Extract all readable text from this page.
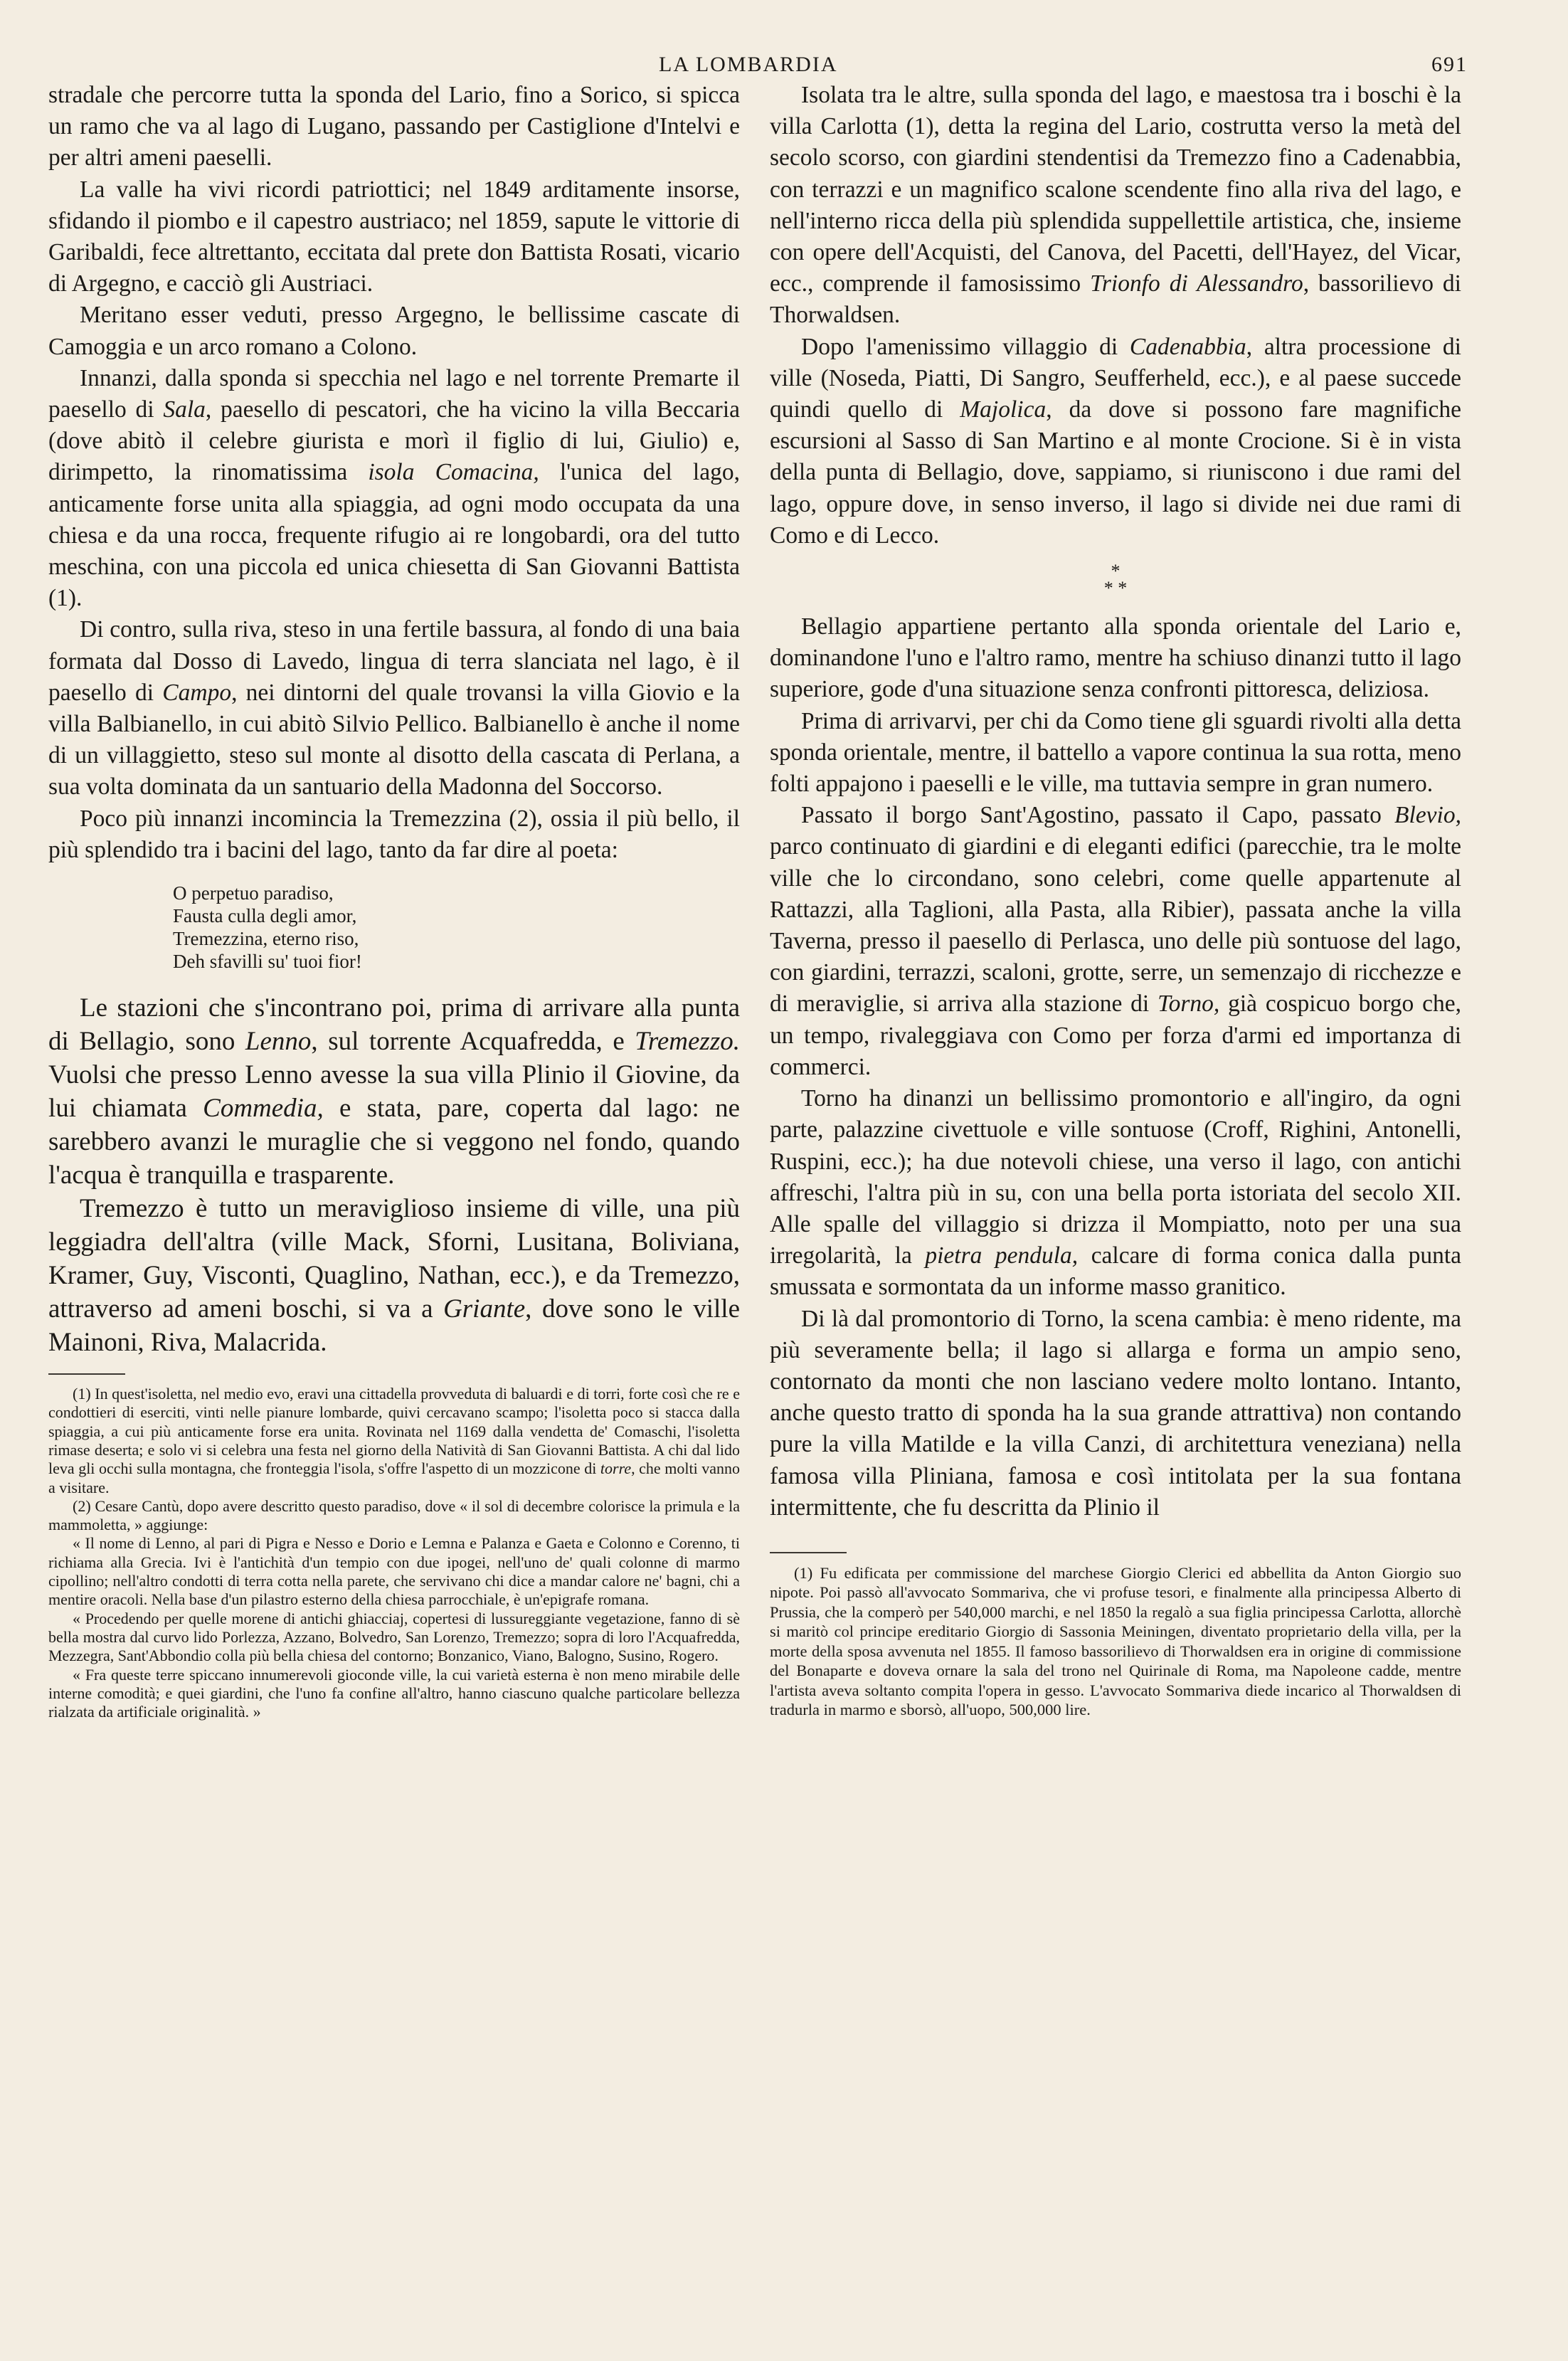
LA LOMBARDIA	691

stradale che percorre tutta la sponda del Lario, fino a Sorico, si spicca un ramo che va al lago di Lugano, passando per Castiglione d'Intelvi e per altri ameni paeselli.

La valle ha vivi ricordi patriottici; nel 1849 arditamente insorse, sfidando il piombo e il capestro austriaco; nel 1859, sapute le vittorie di Garibaldi, fece altrettanto, eccitata dal prete don Battista Rosati, vicario di Argegno, e cacciò gli Austriaci.

Meritano esser veduti, presso Argegno, le bellissime cascate di Camoggia e un arco romano a Colono.

Innanzi, dalla sponda si specchia nel lago e nel torrente Premarte il paesello di Sala, paesello di pescatori, che ha vicino la villa Beccaria (dove abitò il celebre giurista e morì il figlio di lui, Giulio) e, dirimpetto, la rinomatissima isola Comacina, l'unica del lago, anticamente forse unita alla spiaggia, ad ogni modo occupata da una chiesa e da una rocca, frequente rifugio ai re longobardi, ora del tutto meschina, con una piccola ed unica chiesetta di San Giovanni Battista (1).

Di contro, sulla riva, steso in una fertile bassura, al fondo di una baia formata dal Dosso di Lavedo, lingua di terra slanciata nel lago, è il paesello di Campo, nei dintorni del quale trovansi la villa Giovio e la villa Balbianello, in cui abitò Silvio Pellico. Balbianello è anche il nome di un villaggietto, steso sul monte al disotto della cascata di Perlana, a sua volta dominata da un santuario della Madonna del Soccorso.

Poco più innanzi incomincia la Tremezzina (2), ossia il più bello, il più splendido tra i bacini del lago, tanto da far dire al poeta:

O perpetuo paradiso,
Fausta culla degli amor,
Tremezzina, eterno riso,
Deh sfavilli su' tuoi fior!

Le stazioni che s'incontrano poi, prima di arrivare alla punta di Bellagio, sono Lenno, sul torrente Acquafredda, e Tremezzo. Vuolsi che presso Lenno avesse la sua villa Plinio il Giovine, da lui chiamata Commedia, e stata, pare, coperta dal lago: ne sarebbero avanzi le muraglie che si veggono nel fondo, quando l'acqua è tranquilla e trasparente.

Tremezzo è tutto un meraviglioso insieme di ville, una più leggiadra dell'altra (ville Mack, Sforni, Lusitana, Boliviana, Kramer, Guy, Visconti, Quaglino, Nathan, ecc.), e da Tremezzo, attraverso ad ameni boschi, si va a Griante, dove sono le ville Mainoni, Riva, Malacrida.

(1) In quest'isoletta, nel medio evo, eravi una cittadella provveduta di baluardi e di torri, forte così che re e condottieri di eserciti, vinti nelle pianure lombarde, quivi cercavano scampo; l'isoletta poco si stacca dalla spiaggia, a cui più anticamente forse era unita. Rovinata nel 1169 dalla vendetta de' Comaschi, l'isoletta rimase deserta; e solo vi si celebra una festa nel giorno della Natività di San Giovanni Battista. A chi dal lido leva gli occhi sulla montagna, che fronteggia l'isola, s'offre l'aspetto di un mozzicone di torre, che molti vanno a visitare.

(2) Cesare Cantù, dopo avere descritto questo paradiso, dove « il sol di decembre colorisce la primula e la mammoletta, » aggiunge:

« Il nome di Lenno, al pari di Pigra e Nesso e Dorio e Lemna e Palanza e Gaeta e Colonno e Corenno, ti richiama alla Grecia. Ivi è l'antichità d'un tempio con due ipogei, nell'uno de' quali colonne di marmo cipollino; nell'altro condotti di terra cotta nella parete, che servivano chi dice a mandar calore ne' bagni, chi a mentire oracoli. Nella base d'un pilastro esterno della chiesa parrocchiale, è un'epigrafe romana.

« Procedendo per quelle morene di antichi ghiacciaj, copertesi di lussureggiante vegetazione, fanno di sè bella mostra dal curvo lido Porlezza, Azzano, Bolvedro, San Lorenzo, Tremezzo; sopra di loro l'Acquafredda, Mezzegra, Sant'Abbondio colla più bella chiesa del contorno; Bonzanico, Viano, Balogno, Susino, Rogero.

« Fra queste terre spiccano innumerevoli gioconde ville, la cui varietà esterna è non meno mirabile delle interne comodità; e quei giardini, che l'uno fa confine all'altro, hanno ciascuno qualche particolare bellezza rialzata da artificiale originalità. »

Isolata tra le altre, sulla sponda del lago, e maestosa tra i boschi è la villa Carlotta (1), detta la regina del Lario, costrutta verso la metà del secolo scorso, con giardini stendentisi da Tremezzo fino a Cadenabbia, con terrazzi e un magnifico scalone scendente fino alla riva del lago, e nell'interno ricca della più splendida suppellettile artistica, che, insieme con opere dell'Acquisti, del Canova, del Pacetti, dell'Hayez, del Vicar, ecc., comprende il famosissimo Trionfo di Alessandro, bassorilievo di Thorwaldsen.

Dopo l'amenissimo villaggio di Cadenabbia, altra processione di ville (Noseda, Piatti, Di Sangro, Seufferheld, ecc.), e al paese succede quindi quello di Majolica, da dove si possono fare magnifiche escursioni al Sasso di San Martino e al monte Crocione. Si è in vista della punta di Bellagio, dove, sappiamo, si riuniscono i due rami del lago, oppure dove, in senso inverso, il lago si divide nei due rami di Como e di Lecco.

*
* *

Bellagio appartiene pertanto alla sponda orientale del Lario e, dominandone l'uno e l'altro ramo, mentre ha schiuso dinanzi tutto il lago superiore, gode d'una situazione senza confronti pittoresca, deliziosa.

Prima di arrivarvi, per chi da Como tiene gli sguardi rivolti alla detta sponda orientale, mentre, il battello a vapore continua la sua rotta, meno folti appajono i paeselli e le ville, ma tuttavia sempre in gran numero.

Passato il borgo Sant'Agostino, passato il Capo, passato Blevio, parco continuato di giardini e di eleganti edifici (parecchie, tra le molte ville che lo circondano, sono celebri, come quelle appartenute al Rattazzi, alla Taglioni, alla Pasta, alla Ribier), passata anche la villa Taverna, presso il paesello di Perlasca, uno delle più sontuose del lago, con giardini, terrazzi, scaloni, grotte, serre, un semenzajo di ricchezze e di meraviglie, si arriva alla stazione di Torno, già cospicuo borgo che, un tempo, rivaleggiava con Como per forza d'armi ed importanza di commerci.

Torno ha dinanzi un bellissimo promontorio e all'ingiro, da ogni parte, palazzine civettuole e ville sontuose (Croff, Righini, Antonelli, Ruspini, ecc.); ha due notevoli chiese, una verso il lago, con antichi affreschi, l'altra più in su, con una bella porta istoriata del secolo XII. Alle spalle del villaggio si drizza il Mompiatto, noto per una sua irregolarità, la pietra pendula, calcare di forma conica dalla punta smussata e sormontata da un informe masso granitico.

Di là dal promontorio di Torno, la scena cambia: è meno ridente, ma più severamente bella; il lago si allarga e forma un ampio seno, contornato da monti che non lasciano vedere molto lontano. Intanto, anche questo tratto di sponda ha la sua grande attrattiva) non contando pure la villa Matilde e la villa Canzi, di architettura veneziana) nella famosa villa Pliniana, famosa e così intitolata per la sua fontana intermittente, che fu descritta da Plinio il

(1) Fu edificata per commissione del marchese Giorgio Clerici ed abbellita da Anton Giorgio suo nipote. Poi passò all'avvocato Sommariva, che vi profuse tesori, e finalmente alla principessa Alberto di Prussia, che la comperò per 540,000 marchi, e nel 1850 la regalò a sua figlia principessa Carlotta, allorchè si maritò col principe ereditario Giorgio di Sassonia Meiningen, diventato proprietario della villa, per la morte della sposa avvenuta nel 1855. Il famoso bassorilievo di Thorwaldsen era in origine di commissione del Bonaparte e doveva ornare la sala del trono nel Quirinale di Roma, ma Napoleone cadde, mentre l'artista aveva soltanto compita l'opera in gesso. L'avvocato Sommariva diede incarico al Thorwaldsen di tradurla in marmo e sborsò, all'uopo, 500,000 lire.
